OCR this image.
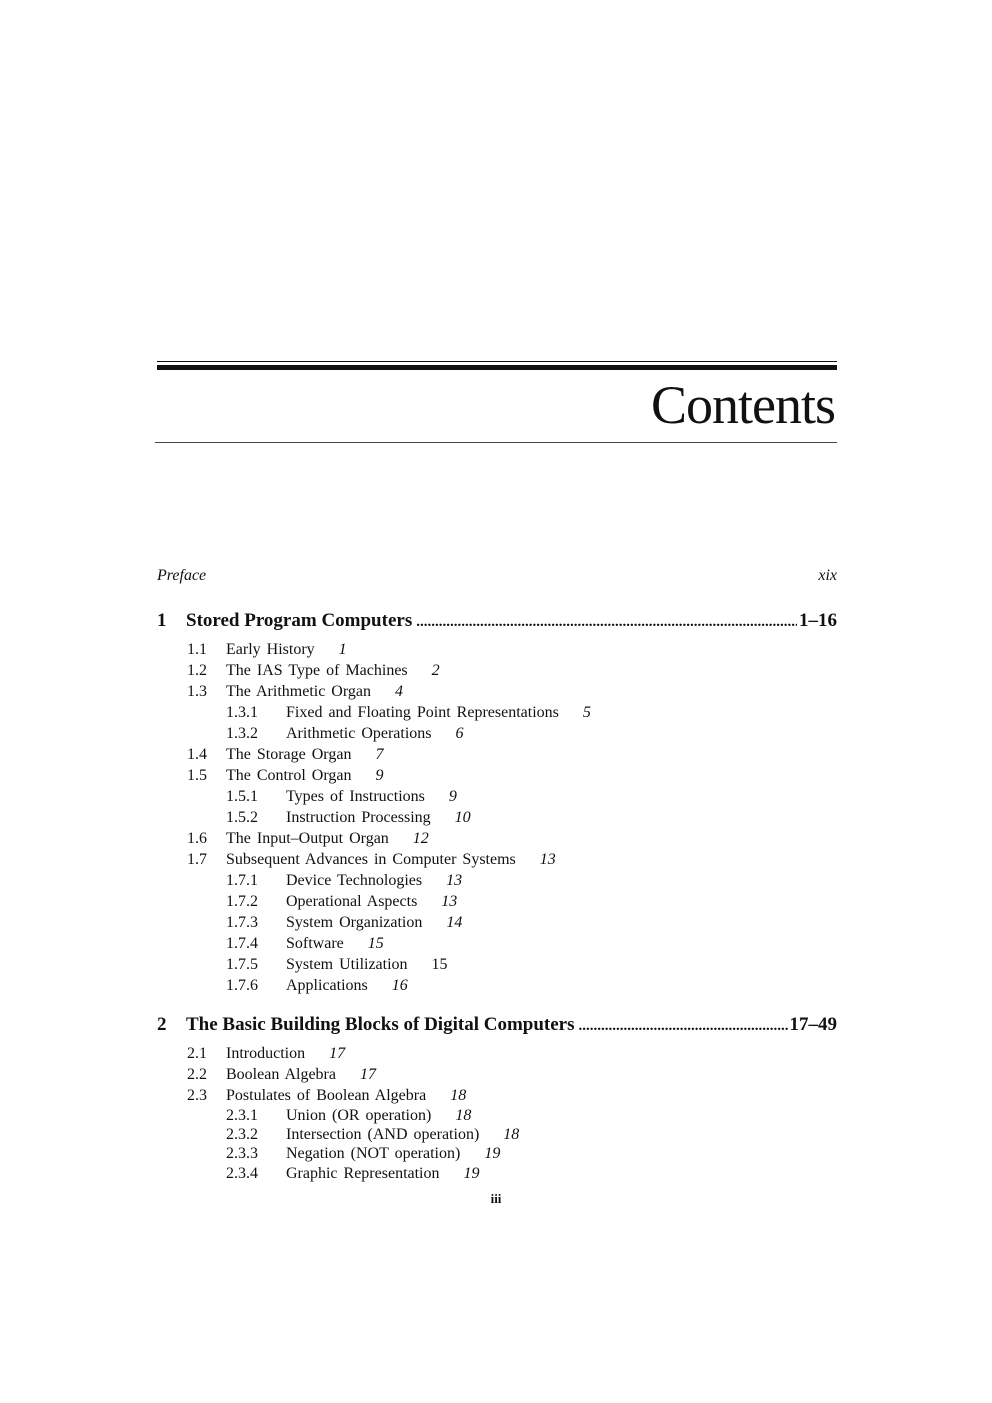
Contents
Preface	xix
1	Stored Program Computers .....	1–16
1.1 Early History 1
1.2 The IAS Type of Machines 2
1.3 The Arithmetic Organ 4
1.3.1 Fixed and Floating Point Representations 5
1.3.2 Arithmetic Operations 6
1.4 The Storage Organ 7
1.5 The Control Organ 9
1.5.1 Types of Instructions 9
1.5.2 Instruction Processing 10
1.6 The Input–Output Organ 12
1.7 Subsequent Advances in Computer Systems 13
1.7.1 Device Technologies 13
1.7.2 Operational Aspects 13
1.7.3 System Organization 14
1.7.4 Software 15
1.7.5 System Utilization 15
1.7.6 Applications 16
2	The Basic Building Blocks of Digital Computers .....	17–49
2.1 Introduction 17
2.2 Boolean Algebra 17
2.3 Postulates of Boolean Algebra 18
2.3.1 Union (OR operation) 18
2.3.2 Intersection (AND operation) 18
2.3.3 Negation (NOT operation) 19
2.3.4 Graphic Representation 19
iii
